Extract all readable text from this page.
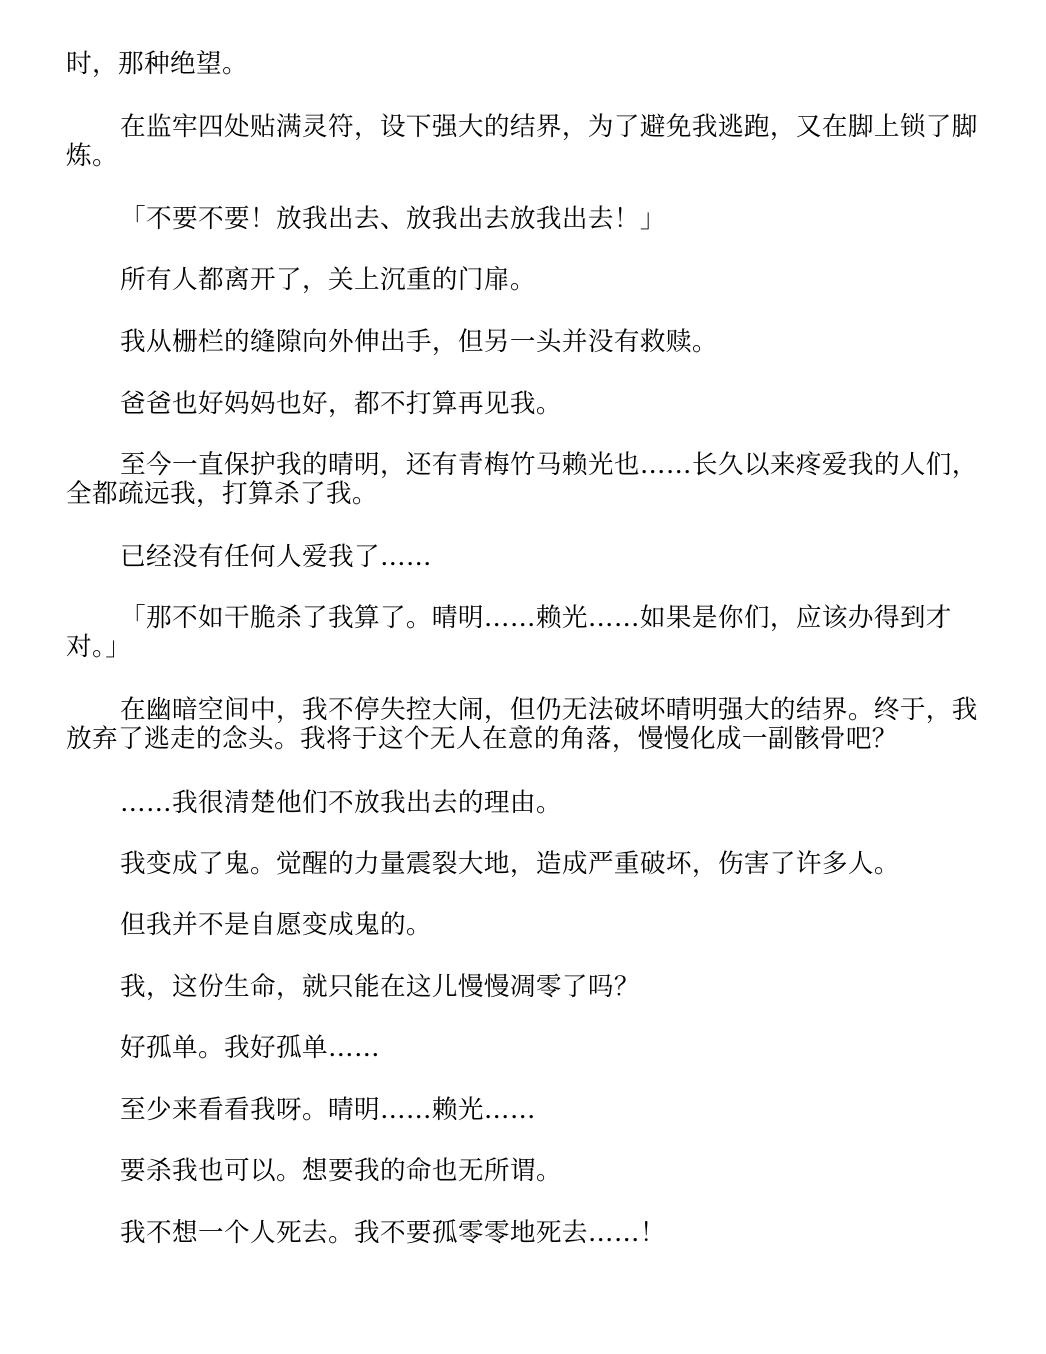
时，那种绝望。

在监牢四处贴满灵符，设下强大的结界，为了避免我逃跑，又在脚上锁了脚炼。

「不要不要！放我出去、放我出去放我出去！」

所有人都离开了，关上沉重的门扉。

我从栅栏的缝隙向外伸出手，但另一头并没有救赎。

爸爸也好妈妈也好，都不打算再见我。

至今一直保护我的晴明，还有青梅竹马赖光也……长久以来疼爱我的人们，全都疏远我，打算杀了我。

已经没有任何人爱我了……

「那不如干脆杀了我算了。晴明……赖光……如果是你们，应该办得到才对。」

在幽暗空间中，我不停失控大闹，但仍无法破坏晴明强大的结界。终于，我放弃了逃走的念头。我将于这个无人在意的角落，慢慢化成一副骸骨吧？

……我很清楚他们不放我出去的理由。

我变成了鬼。觉醒的力量震裂大地，造成严重破坏，伤害了许多人。

但我并不是自愿变成鬼的。

我，这份生命，就只能在这儿慢慢凋零了吗？

好孤单。我好孤单……

至少来看看我呀。晴明……赖光……

要杀我也可以。想要我的命也无所谓。

我不想一个人死去。我不要孤零零地死去……！
